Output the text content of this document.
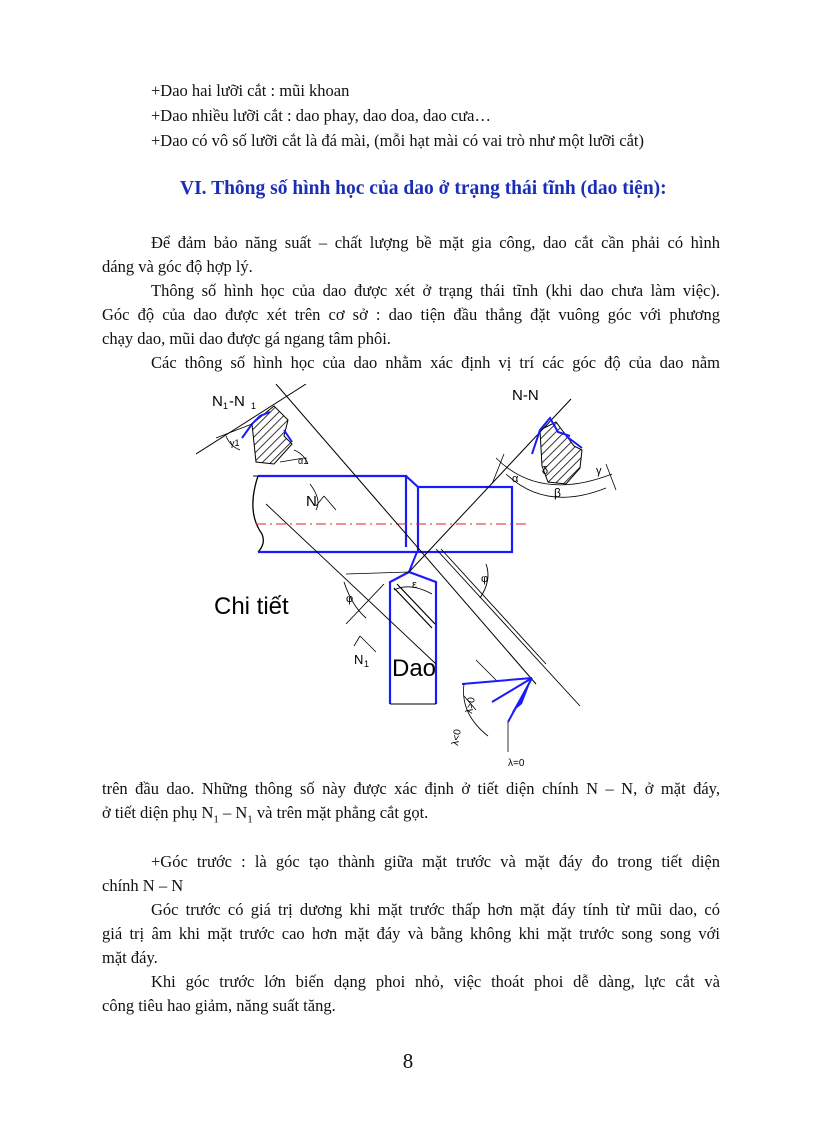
+Dao hai lưỡi cắt : mũi khoan
+Dao nhiều lưỡi cắt : dao phay, dao doa, dao cưa…
+Dao có vô số lưỡi cắt là đá mài, (mỗi hạt mài có vai trò như một lưỡi cắt)
VI. Thông số hình học của dao ở trạng thái tĩnh (dao tiện):
Để đảm bảo năng suất – chất lượng bề mặt gia công, dao cắt cần phải có hình
dáng và góc độ hợp lý.
Thông số hình học của dao được xét ở trạng thái tĩnh (khi dao chưa làm việc).
Góc độ của dao được xét trên cơ sở : dao tiện đầu thẳng đặt vuông góc với phương
chạy dao, mũi dao được gá ngang tâm phôi.
Các thông số hình học của dao nhằm xác định vị trí các góc độ của dao nằm
N
N 1
N 1 -N 1
γ1
α1
N-N
α
δ
β
γ
φ
φ
ε
Chi tiết
Dao
λ>0
λ<0
λ=0
trên đầu dao. Những thông số này được xác định ở tiết diện chính N – N, ở mặt đáy,
ở tiết diện phụ $N_1 - N_1$ và trên mặt phẳng cắt gọt.
+Góc trước : là góc tạo thành giữa mặt trước và mặt đáy đo trong tiết diện
chính N – N
Góc trước có giá trị dương khi mặt trước thấp hơn mặt đáy tính từ mũi dao, có
giá trị âm khi mặt trước cao hơn mặt đáy và bằng không khi mặt trước song song với
mặt đáy.
Khi góc trước lớn biến dạng phoi nhỏ, việc thoát phoi dễ dàng, lực cắt và
công tiêu hao giảm, năng suất tăng.
8
